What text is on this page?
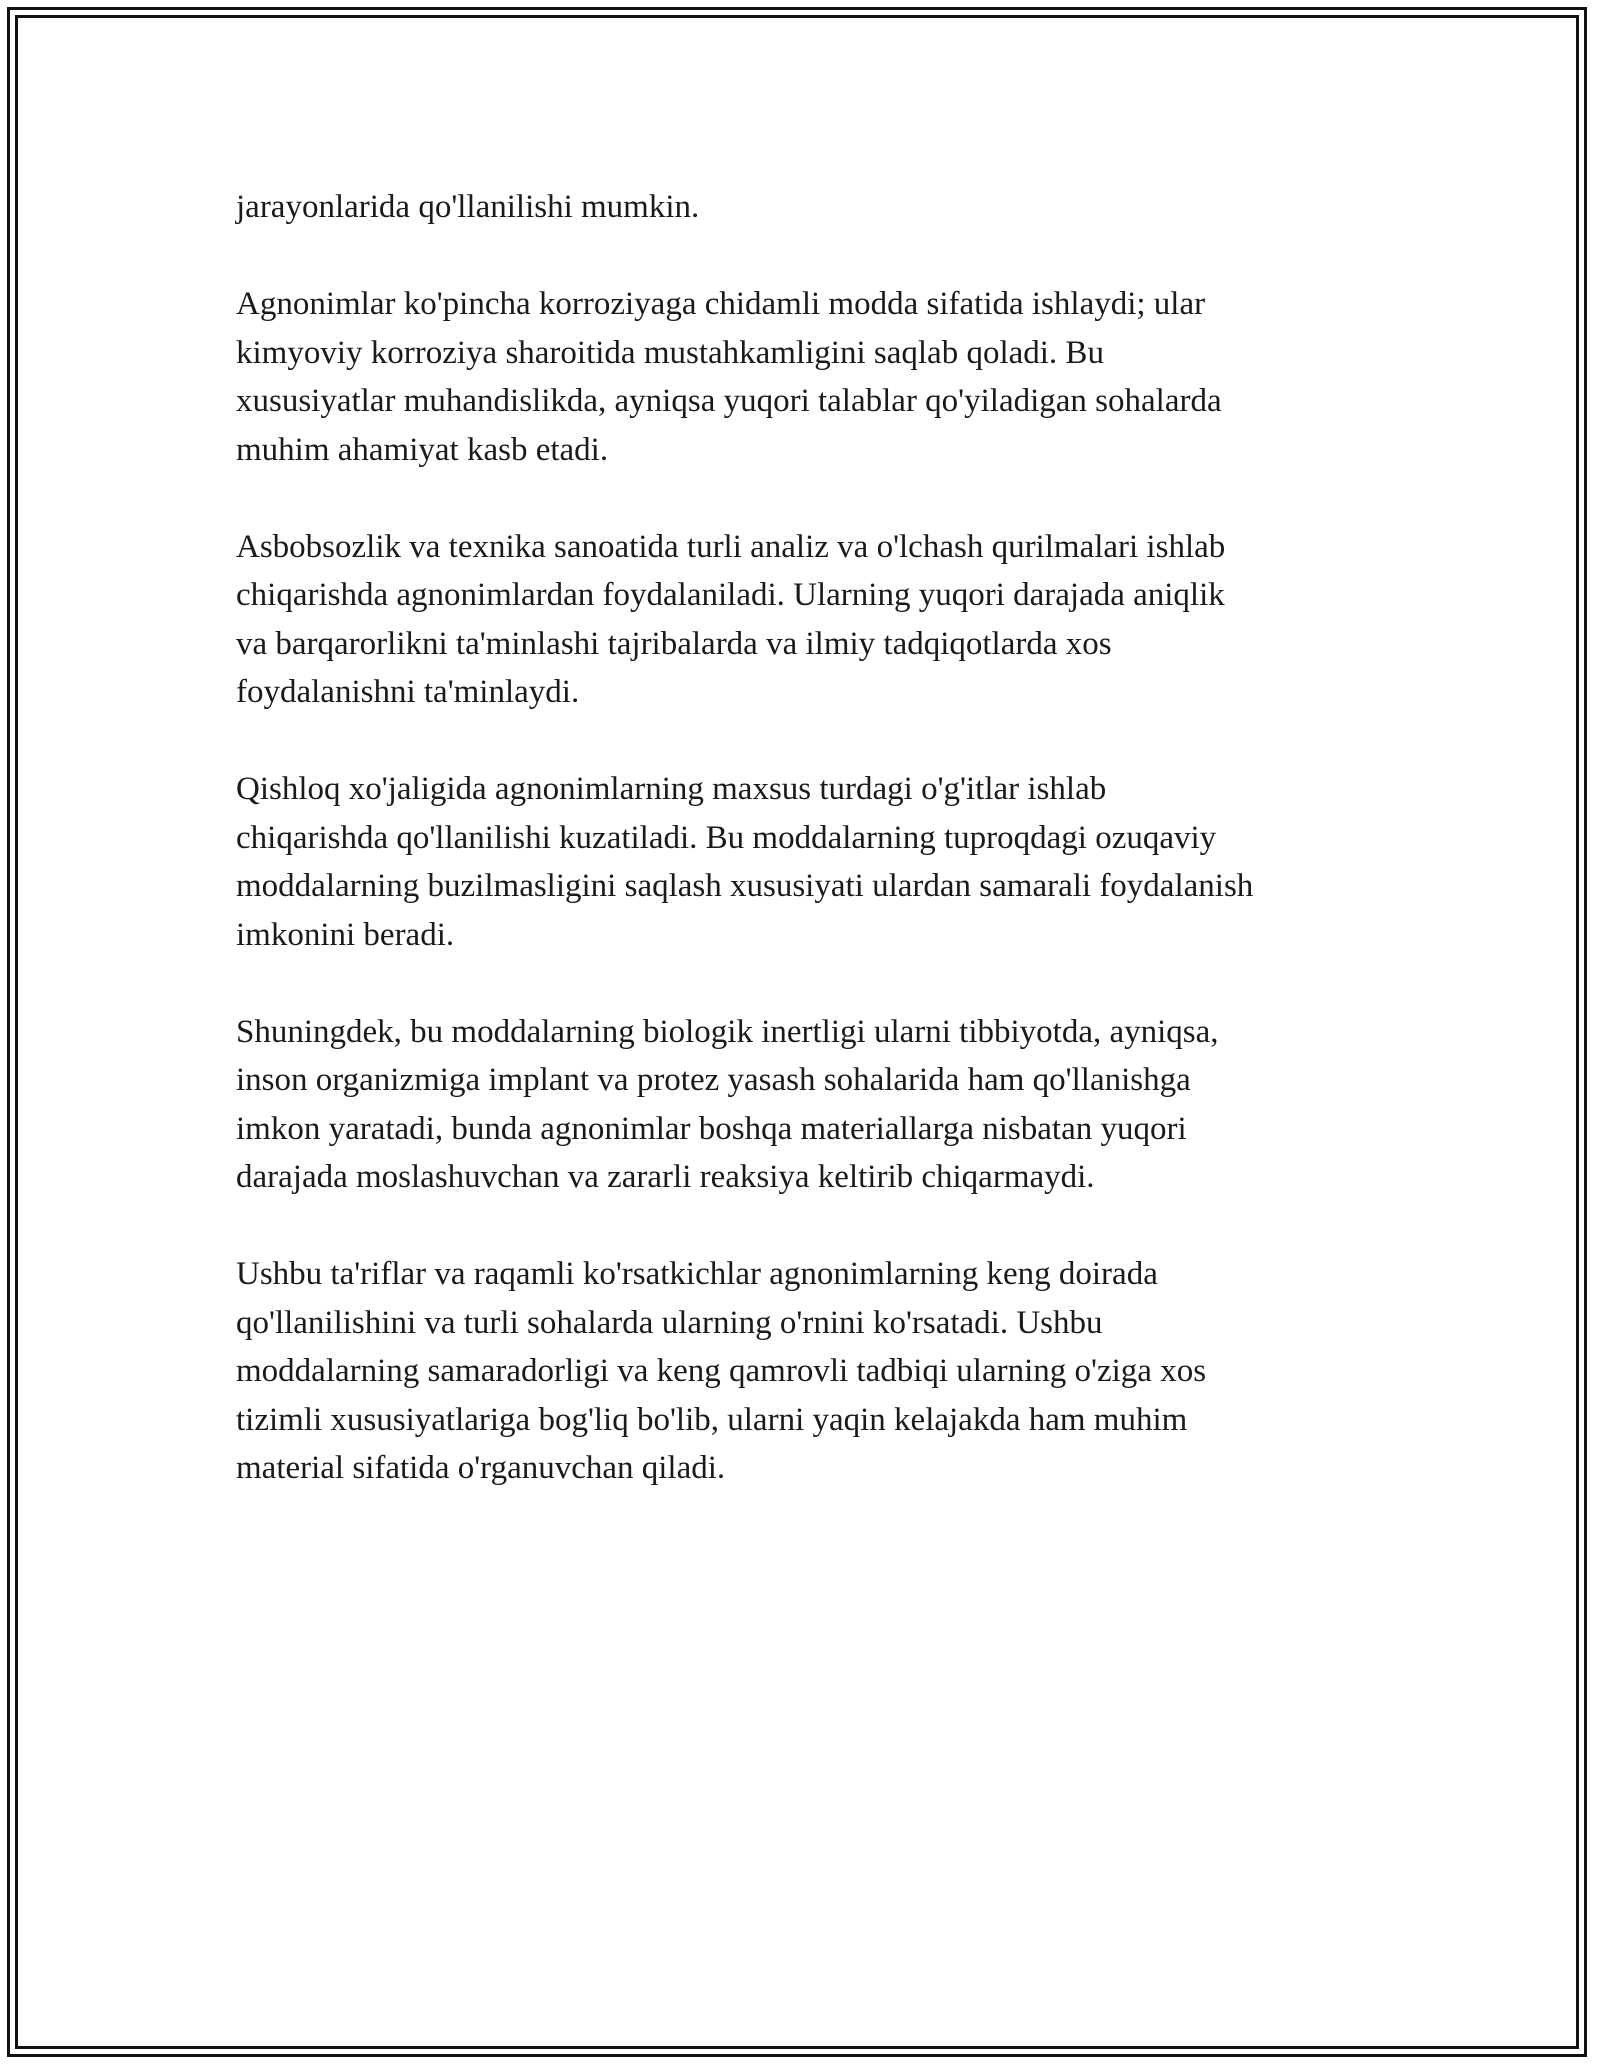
jarayonlarida qo'llanilishi mumkin.

Agnonimlar ko'pincha korroziyaga chidamli modda sifatida ishlaydi; ular
kimyoviy korroziya sharoitida mustahkamligini saqlab qoladi. Bu
xususiyatlar muhandislikda, ayniqsa yuqori talablar qo'yiladigan sohalarda
muhim ahamiyat kasb etadi.

Asbobsozlik va texnika sanoatida turli analiz va o'lchash qurilmalari ishlab
chiqarishda agnonimlardan foydalaniladi. Ularning yuqori darajada aniqlik
va barqarorlikni ta'minlashi tajribalarda va ilmiy tadqiqotlarda xos
foydalanishni ta'minlaydi.

Qishloq xo'jaligida agnonimlarning maxsus turdagi o'g'itlar ishlab
chiqarishda qo'llanilishi kuzatiladi. Bu moddalarning tuproqdagi ozuqaviy
moddalarning buzilmasligini saqlash xususiyati ulardan samarali foydalanish
imkonini beradi.

Shuningdek, bu moddalarning biologik inertligi ularni tibbiyotda, ayniqsa,
inson organizmiga implant va protez yasash sohalarida ham qo'llanishga
imkon yaratadi, bunda agnonimlar boshqa materiallarga nisbatan yuqori
darajada moslashuvchan va zararli reaksiya keltirib chiqarmaydi.

Ushbu ta'riflar va raqamli ko'rsatkichlar agnonimlarning keng doirada
qo'llanilishini va turli sohalarda ularning o'rnini ko'rsatadi. Ushbu
moddalarning samaradorligi va keng qamrovli tadbiqi ularning o'ziga xos
tizimli xususiyatlariga bog'liq bo'lib, ularni yaqin kelajakda ham muhim
material sifatida o'rganuvchan qiladi.
